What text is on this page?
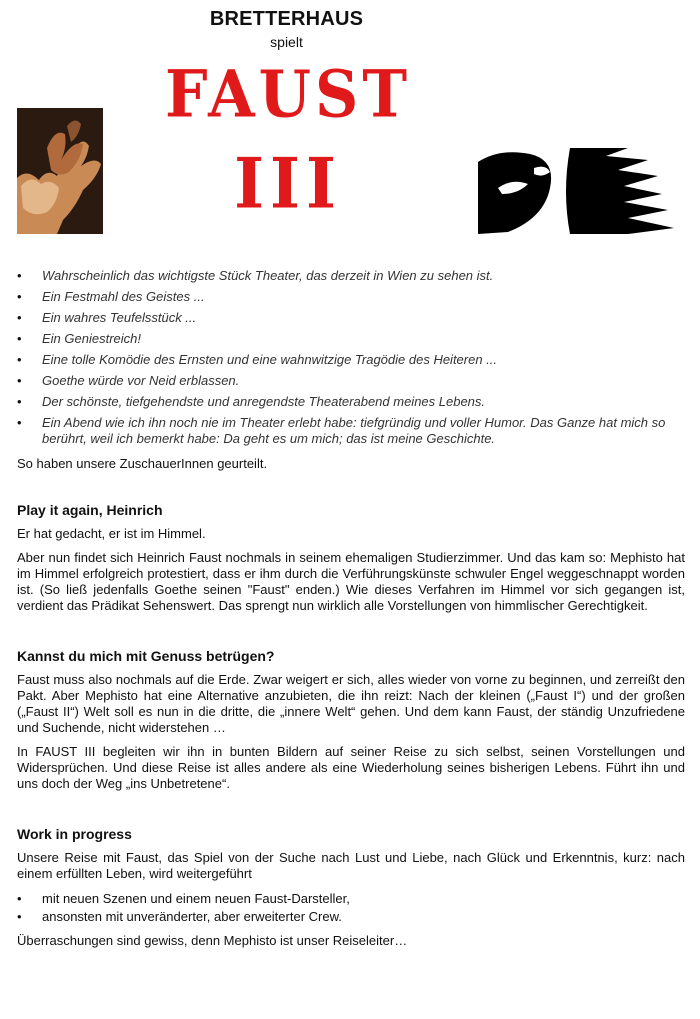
BRETTERHAUS
spielt
FAUST
III
• Wahrscheinlich das wichtigste Stück Theater, das derzeit in Wien zu sehen ist.
• Ein Festmahl des Geistes ...
• Ein wahres Teufelsstück ...
• Ein Geniestreich!
• Eine tolle Komödie des Ernsten und eine wahnwitzige Tragödie des Heiteren ...
• Goethe würde vor Neid erblassen.
• Der schönste, tiefgehendste und anregendste Theaterabend meines Lebens.
• Ein Abend wie ich ihn noch nie im Theater erlebt habe: tiefgründig und voller Humor. Das Ganze hat mich so berührt, weil ich bemerkt habe: Da geht es um mich; das ist meine Geschichte.

So haben unsere ZuschauerInnen geurteilt.

Play it again, Heinrich

Er hat gedacht, er ist im Himmel.

Aber nun findet sich Heinrich Faust nochmals in seinem ehemaligen Studierzimmer. Und das kam so: Mephisto hat im Himmel erfolgreich protestiert, dass er ihm durch die Verführungskünste schwuler Engel weggeschnappt worden ist. (So ließ jedenfalls Goethe seinen "Faust" enden.) Wie dieses Verfahren im Himmel vor sich gegangen ist, verdient das Prädikat Sehenswert. Das sprengt nun wirklich alle Vorstellungen von himmlischer Gerechtigkeit.

Kannst du mich mit Genuss betrügen?

Faust muss also nochmals auf die Erde. Zwar weigert er sich, alles wieder von vorne zu beginnen, und zerreißt den Pakt. Aber Mephisto hat eine Alternative anzubieten, die ihn reizt: Nach der kleinen („Faust I“) und der großen („Faust II“) Welt soll es nun in die dritte, die „innere Welt“ gehen. Und dem kann Faust, der ständig Unzufriedene und Suchende, nicht widerstehen …

In FAUST III begleiten wir ihn in bunten Bildern auf seiner Reise zu sich selbst, seinen Vorstellungen und Widersprüchen. Und diese Reise ist alles andere als eine Wiederholung seines bisherigen Lebens. Führt ihn und uns doch der Weg „ins Unbetretene“.

Work in progress

Unsere Reise mit Faust, das Spiel von der Suche nach Lust und Liebe, nach Glück und Erkenntnis, kurz: nach einem erfüllten Leben, wird weitergeführt

• mit neuen Szenen und einem neuen Faust-Darsteller,
• ansonsten mit unveränderter, aber erweiterter Crew.

Überraschungen sind gewiss, denn Mephisto ist unser Reiseleiter…
